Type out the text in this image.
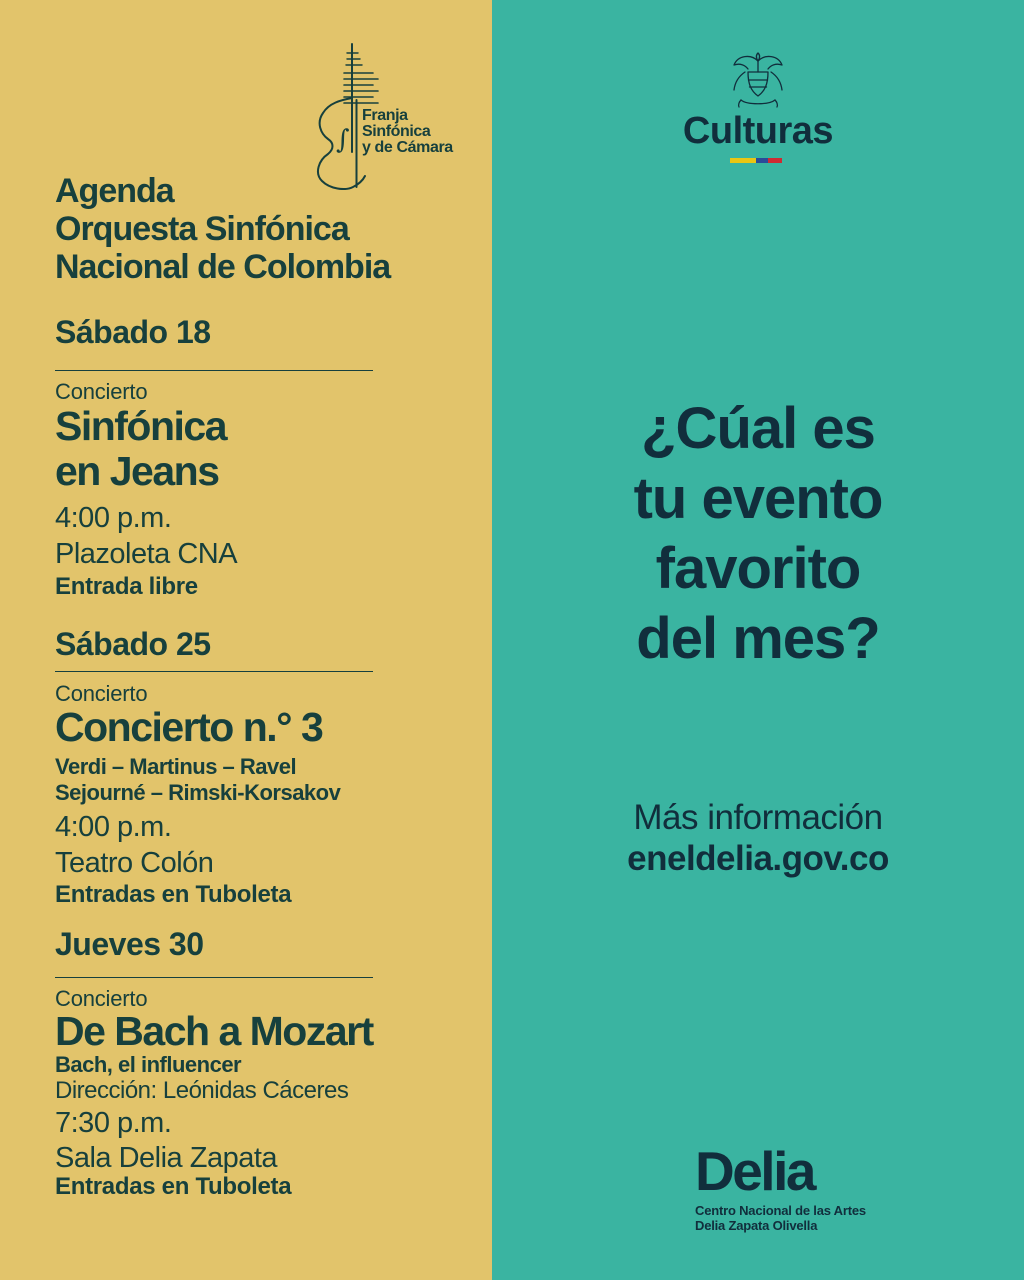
∫
Franja
Sinfónica
y de Cámara
Agenda
Orquesta Sinfónica
Nacional de Colombia
Sábado 18
Concierto
Sinfónica
en Jeans
4:00 p.m.
Plazoleta CNA
Entrada libre
Sábado 25
Concierto
Concierto n.° 3
Verdi – Martinus – Ravel
Sejourné – Rimski-Korsakov
4:00 p.m.
Teatro Colón
Entradas en Tuboleta
Jueves 30
Concierto
De Bach a Mozart
Bach, el influencer
Dirección: Leónidas Cáceres
7:30 p.m.
Sala Delia Zapata
Entradas en Tuboleta
Culturas
¿Cúal es
tu evento
favorito
del mes?
Más información
eneldelia.gov.co
Delia
Centro Nacional de las Artes
Delia Zapata Olivella
